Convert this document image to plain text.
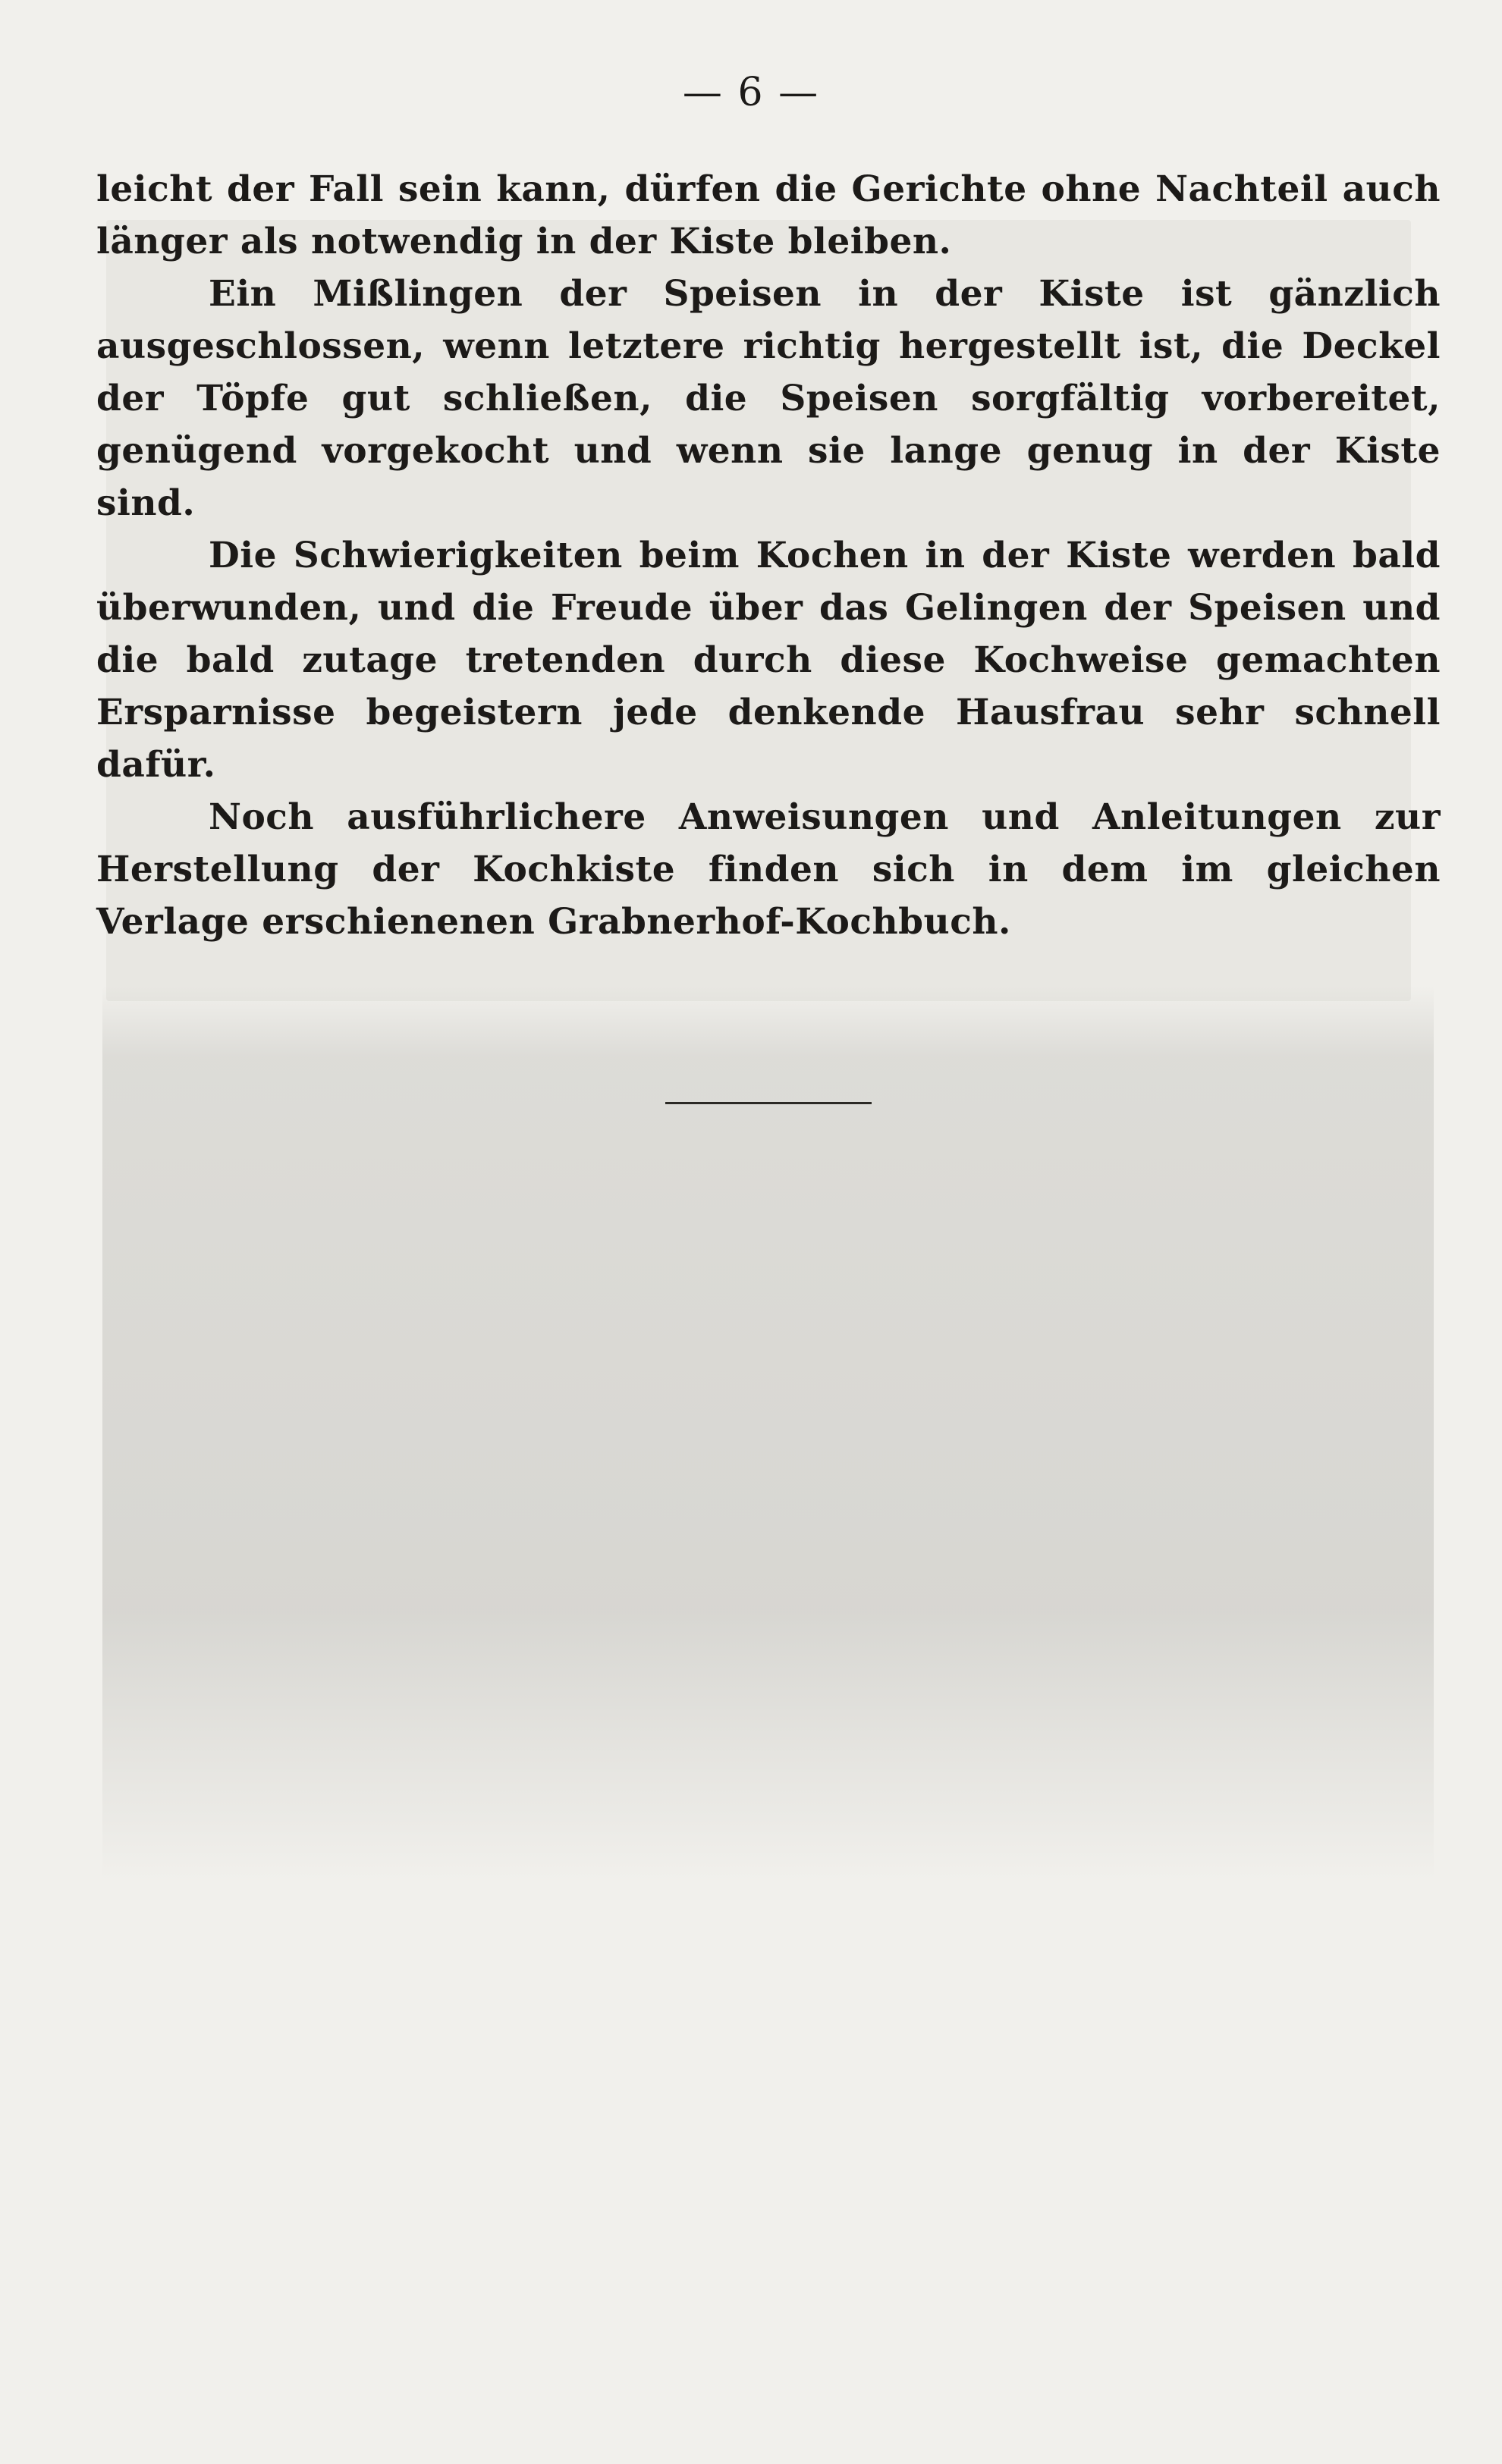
— 6 —

leicht der Fall sein kann, dürfen die Gerichte ohne Nachteil auch länger als notwendig in der Kiste bleiben.

Ein Mißlingen der Speisen in der Kiste ist gänzlich ausgeschlossen, wenn letztere richtig hergestellt ist, die Deckel der Töpfe gut schließen, die Speisen sorgfältig vorbereitet, genügend vorgekocht und wenn sie lange genug in der Kiste sind.

Die Schwierigkeiten beim Kochen in der Kiste werden bald überwunden, und die Freude über das Gelingen der Speisen und die bald zutage tretenden durch diese Kochweise gemachten Ersparnisse begeistern jede denkende Hausfrau sehr schnell dafür.

Noch ausführlichere Anweisungen und Anleitungen zur Herstellung der Kochkiste finden sich in dem im gleichen Verlage erschienenen Grabnerhof-Kochbuch.
